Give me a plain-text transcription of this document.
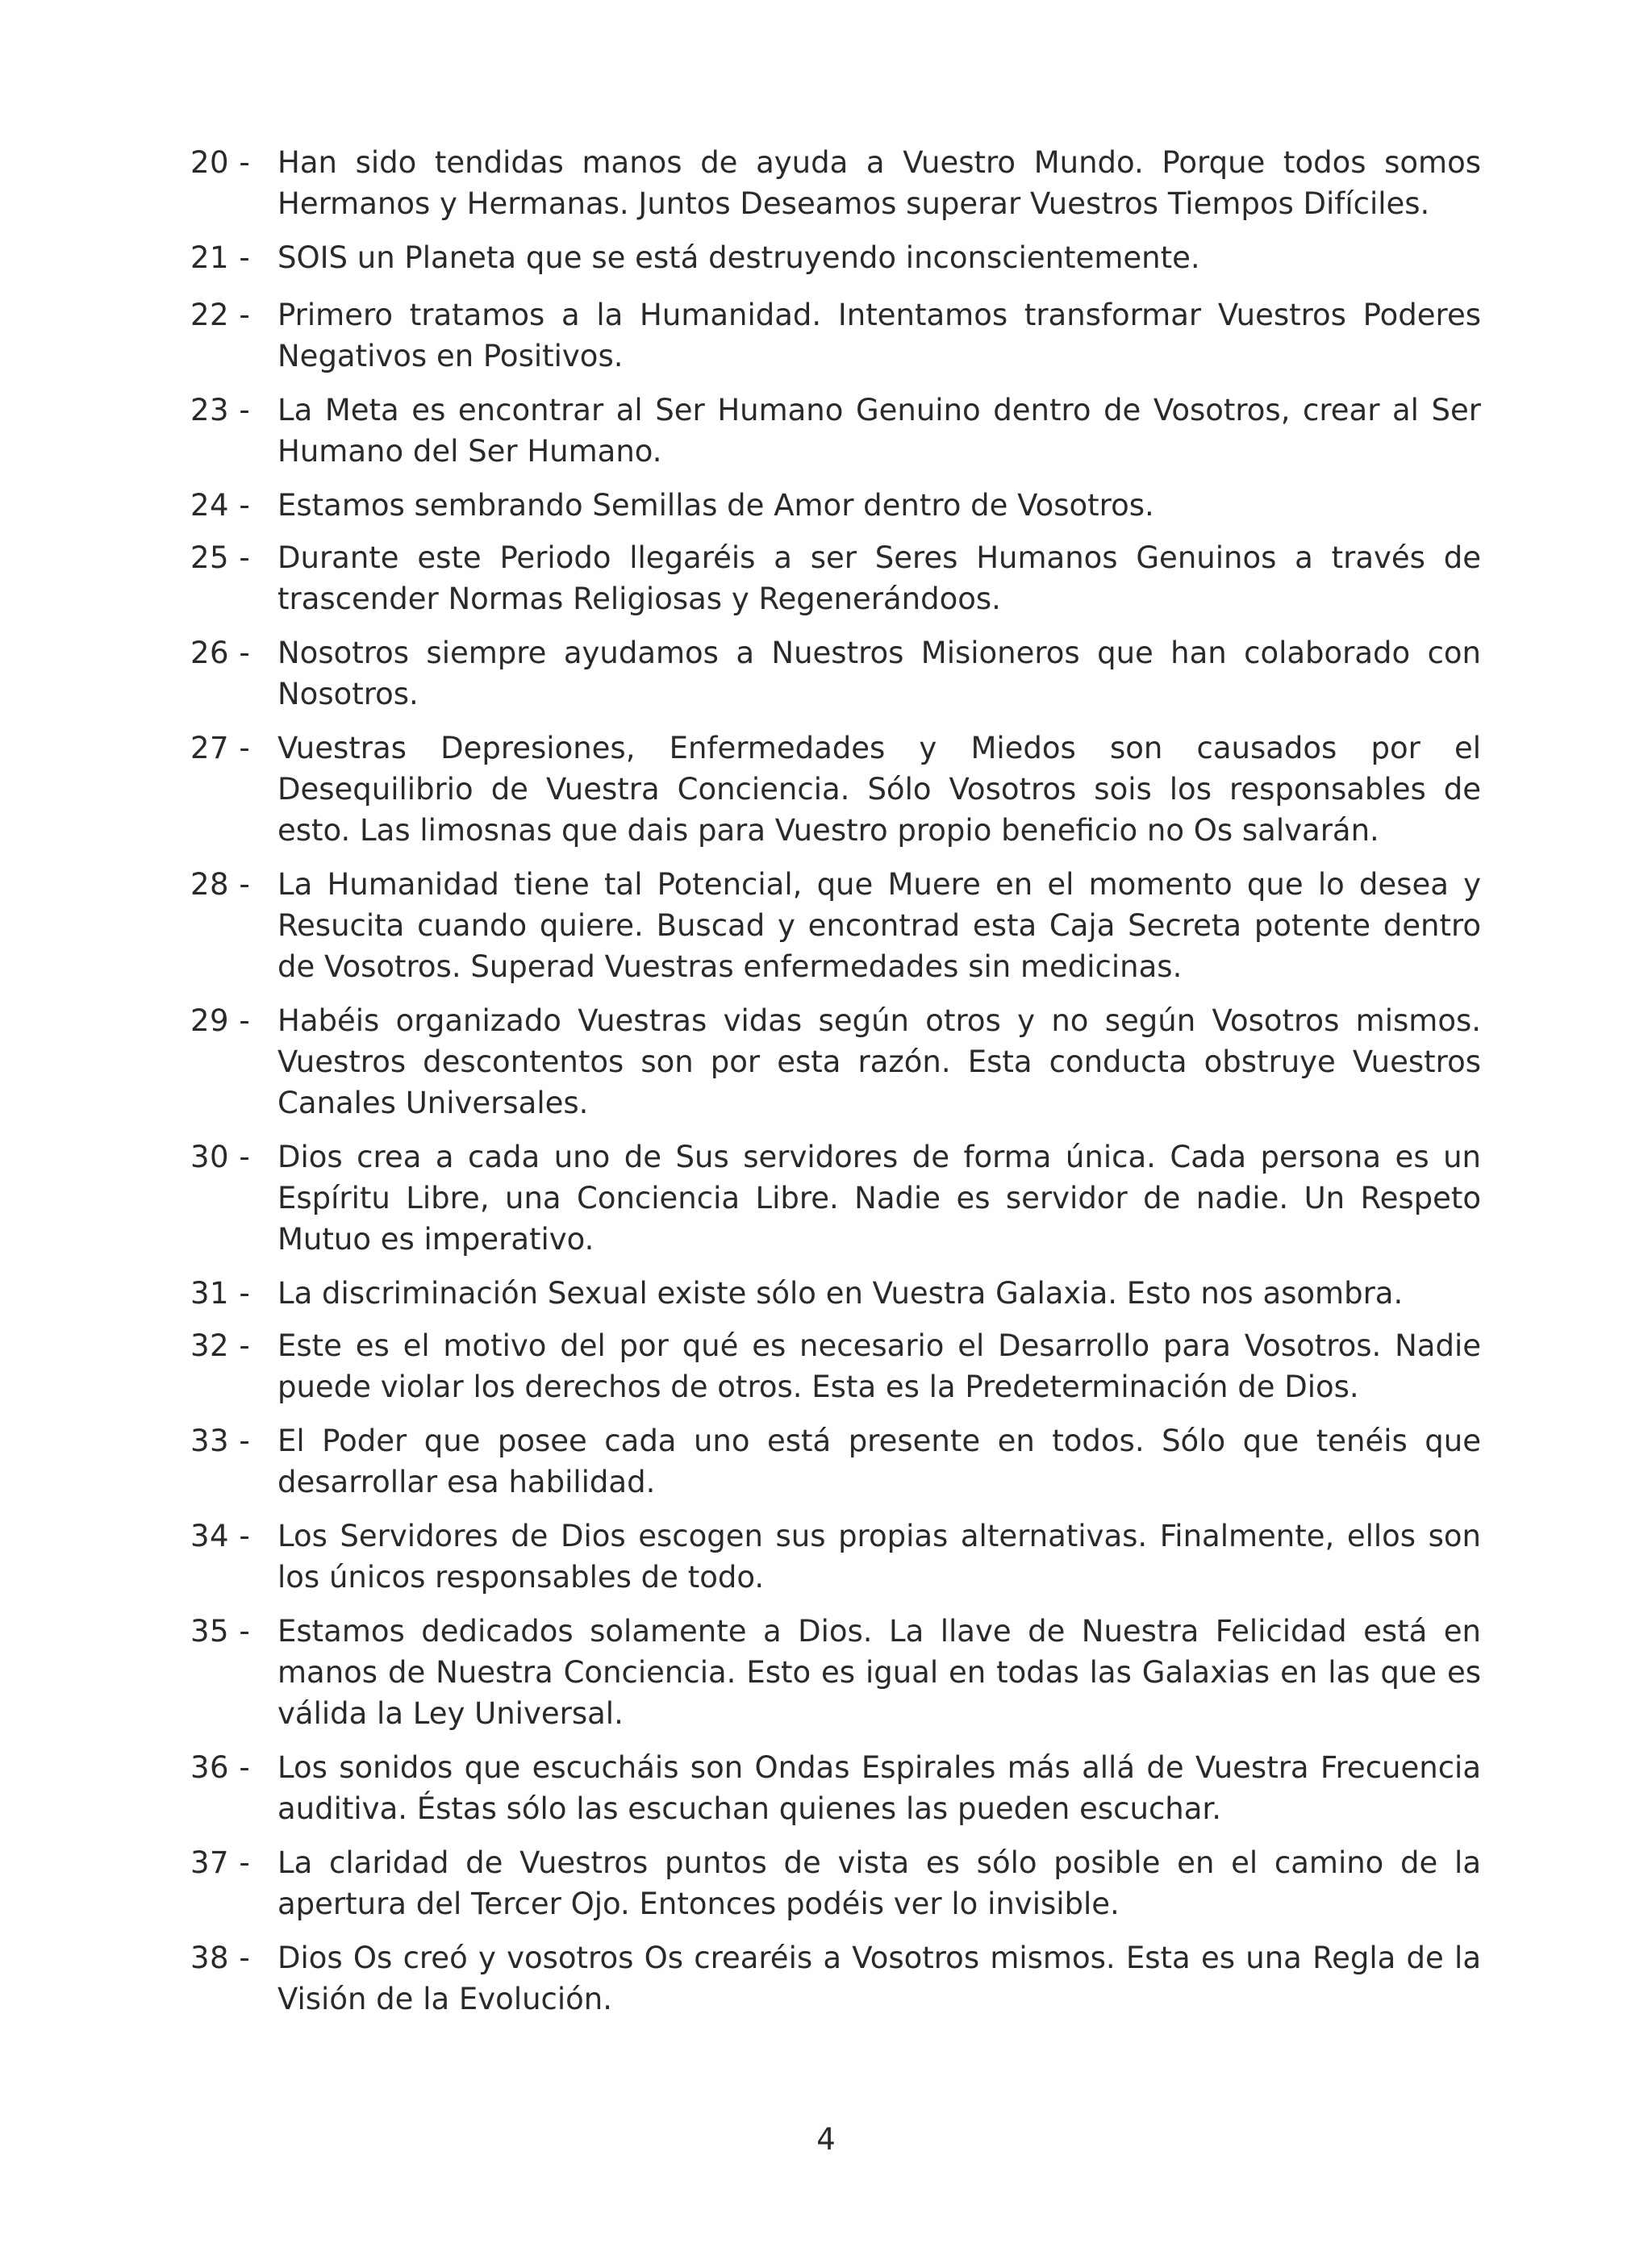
20 - Han sido tendidas manos de ayuda a Vuestro Mundo. Porque todos somos Hermanos y Hermanas. Juntos Deseamos superar Vuestros Tiempos Difíciles.
21 - SOIS un Planeta que se está destruyendo inconscientemente.
22 - Primero tratamos a la Humanidad. Intentamos transformar Vuestros Poderes Negativos en Positivos.
23 - La Meta es encontrar al Ser Humano Genuino dentro de Vosotros, crear al Ser Humano del Ser Humano.
24 - Estamos sembrando Semillas de Amor dentro de Vosotros.
25 - Durante este Periodo llegaréis a ser Seres Humanos Genuinos a través de trascender Normas Religiosas y Regenerándoos.
26 - Nosotros siempre ayudamos a Nuestros Misioneros que han colaborado con Nosotros.
27 - Vuestras Depresiones, Enfermedades y Miedos son causados por el Desequilibrio de Vuestra Conciencia. Sólo Vosotros sois los responsables de esto. Las limosnas que dais para Vuestro propio beneficio no Os salvarán.
28 - La Humanidad tiene tal Potencial, que Muere en el momento que lo desea y Resucita cuando quiere. Buscad y encontrad esta Caja Secreta potente dentro de Vosotros. Superad Vuestras enfermedades sin medicinas.
29 - Habéis organizado Vuestras vidas según otros y no según Vosotros mismos. Vuestros descontentos son por esta razón. Esta conducta obstruye Vuestros Canales Universales.
30 - Dios crea a cada uno de Sus servidores de forma única. Cada persona es un Espíritu Libre, una Conciencia Libre. Nadie es servidor de nadie. Un Respeto Mutuo es imperativo.
31 - La discriminación Sexual existe sólo en Vuestra Galaxia. Esto nos asombra.
32 - Este es el motivo del por qué es necesario el Desarrollo para Vosotros. Nadie puede violar los derechos de otros. Esta es la Predeterminación de Dios.
33 - El Poder que posee cada uno está presente en todos. Sólo que tenéis que desarrollar esa habilidad.
34 - Los Servidores de Dios escogen sus propias alternativas. Finalmente, ellos son los únicos responsables de todo.
35 - Estamos dedicados solamente a Dios. La llave de Nuestra Felicidad está en manos de Nuestra Conciencia. Esto es igual en todas las Galaxias en las que es válida la Ley Universal.
36 - Los sonidos que escucháis son Ondas Espirales más allá de Vuestra Frecuencia auditiva. Éstas sólo las escuchan quienes las pueden escuchar.
37 - La claridad de Vuestros puntos de vista es sólo posible en el camino de la apertura del Tercer Ojo. Entonces podéis ver lo invisible.
38 - Dios Os creó y vosotros Os crearéis a Vosotros mismos. Esta es una Regla de la Visión de la Evolución.
4
